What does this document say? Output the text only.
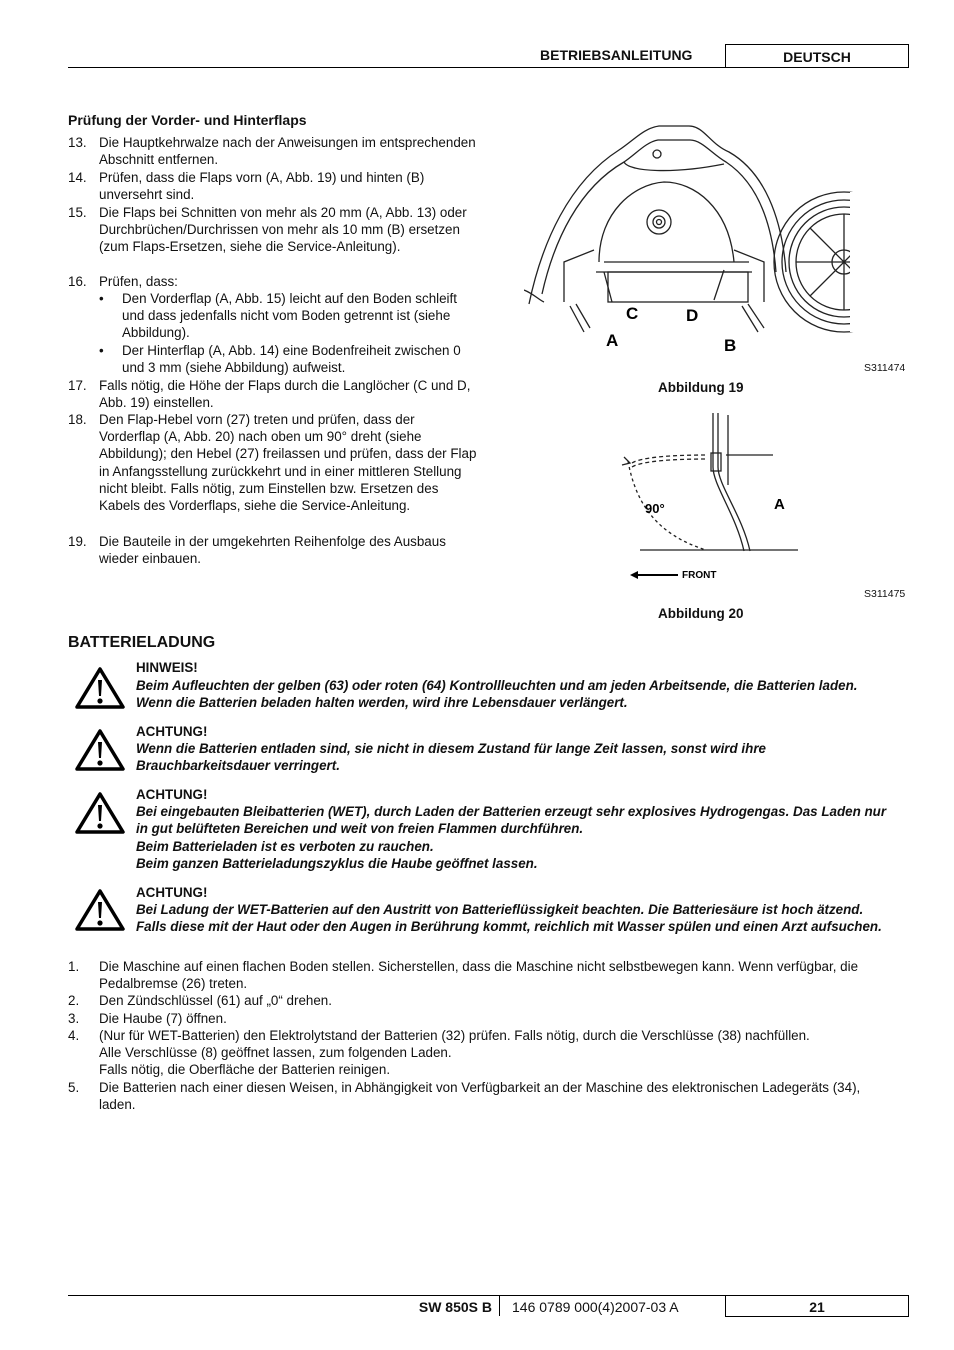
BETRIEBSANLEITUNG	DEUTSCH
Prüfung der Vorder- und Hinterflaps
13. Die Hauptkehrwalze nach der Anweisungen im entsprechenden Abschnitt entfernen.
14. Prüfen, dass die Flaps vorn (A, Abb. 19) und hinten (B) unversehrt sind.
15. Die Flaps bei Schnitten von mehr als 20 mm (A, Abb. 13) oder Durchbrüchen/Durchrissen von mehr als 10 mm (B) ersetzen (zum Flaps-Ersetzen, siehe die Service-Anleitung).
16. Prüfen, dass:
• Den Vorderflap (A, Abb. 15) leicht auf den Boden schleift und dass jedenfalls nicht vom Boden getrennt ist (siehe Abbildung).
• Der Hinterflap (A, Abb. 14) eine Bodenfreiheit zwischen 0 und 3 mm (siehe Abbildung) aufweist.
17. Falls nötig, die Höhe der Flaps durch die Langlöcher (C und D, Abb. 19) einstellen.
18. Den Flap-Hebel vorn (27) treten und prüfen, dass der Vorderflap (A, Abb. 20) nach oben um 90° dreht (siehe Abbildung); den Hebel (27) freilassen und prüfen, dass der Flap in Anfangsstellung zurückkehrt und in einer mittleren Stellung nicht bleibt. Falls nötig, zum Einstellen bzw. Ersetzen des Kabels des Vorderflaps, siehe die Service-Anleitung.
19. Die Bauteile in der umgekehrten Reihenfolge des Ausbaus wieder einbauen.
C	D
A	B
S311474
Abbildung 19
90°	A
FRONT
S311475
Abbildung 20
BATTERIELADUNG
HINWEIS!
Beim Aufleuchten der gelben (63) oder roten (64) Kontrollleuchten und am jeden Arbeitsende, die Batterien laden. Wenn die Batterien beladen halten werden, wird ihre Lebensdauer verlängert.
ACHTUNG!
Wenn die Batterien entladen sind, sie nicht in diesem Zustand für lange Zeit lassen, sonst wird ihre Brauchbarkeitsdauer verringert.
ACHTUNG!
Bei eingebauten Bleibatterien (WET), durch Laden der Batterien erzeugt sehr explosives Hydrogengas. Das Laden nur in gut belüfteten Bereichen und weit von freien Flammen durchführen.
Beim Batterieladen ist es verboten zu rauchen.
Beim ganzen Batterieladungszyklus die Haube geöffnet lassen.
ACHTUNG!
Bei Ladung der WET-Batterien auf den Austritt von Batterieflüssigkeit beachten. Die Batteriesäure ist hoch ätzend. Falls diese mit der Haut oder den Augen in Berührung kommt, reichlich mit Wasser spülen und einen Arzt aufsuchen.
1. Die Maschine auf einen flachen Boden stellen. Sicherstellen, dass die Maschine nicht selbstbewegen kann. Wenn verfügbar, die Pedalbremse (26) treten.
2. Den Zündschlüssel (61) auf „0“ drehen.
3. Die Haube (7) öffnen.
4. (Nur für WET-Batterien) den Elektrolytstand der Batterien (32) prüfen. Falls nötig, durch die Verschlüsse (38) nachfüllen.
Alle Verschlüsse (8) geöffnet lassen, zum folgenden Laden.
Falls nötig, die Oberfläche der Batterien reinigen.
5. Die Batterien nach einer diesen Weisen, in Abhängigkeit von Verfügbarkeit an der Maschine des elektronischen Ladegeräts (34), laden.
SW 850S B 146 0789 000(4)2007-03 A	21
